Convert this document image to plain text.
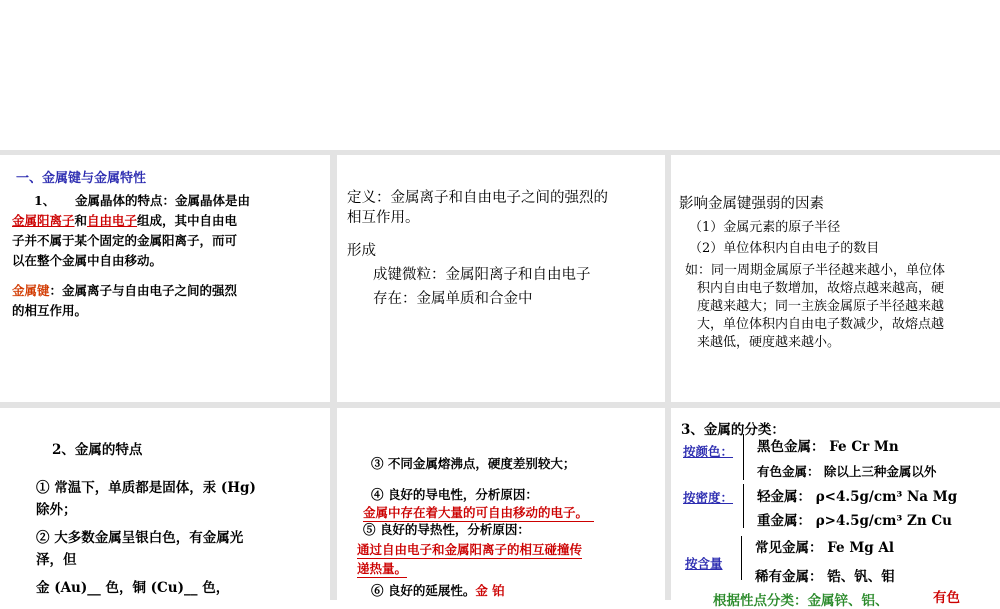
一、金属键与金属特性
1、 金属晶体的特点：金属晶体是由
金属阳离子和自由电子组成，其中自由电
子并不属于某个固定的金属阳离子，而可
以在整个金属中自由移动。
金属键：金属离子与自由电子之间的强烈
的相互作用。
定义：金属离子和自由电子之间的强烈的
相互作用。
形成
成键微粒：金属阳离子和自由电子
存在：金属单质和合金中
影响金属键强弱的因素
（1）金属元素的原子半径
（2）单位体积内自由电子的数目
如：同一周期金属原子半径越来越小，单位体
积内自由电子数增加，故熔点越来越高，硬
度越来越大；同一主族金属原子半径越来越
大，单位体积内自由电子数减少，故熔点越
来越低，硬度越来越小。
2、金属的特点
① 常温下，单质都是固体，汞 (Hg)
除外；
② 大多数金属呈银白色，有金属光
泽，但
金 (Au)__ 色，铜 (Cu)__ 色，
③ 不同金属熔沸点，硬度差别较大；
④ 良好的导电性，分析原因：
金属中存在着大量的可自由移动的电子。
⑤ 良好的导热性，分析原因：
通过自由电子和金属阳离子的相互碰撞传
递热量。
⑥ 良好的延展性。金 铂
3、金属的分类：
按颜色： 黑色金属： Fe Cr Mn
有色金属： 除以上三种金属以外
按密度： 轻金属： ρ<4.5g/cm³ Na Mg
重金属： ρ>4.5g/cm³ Zn Cu
按含量
常见金属： Fe Mg Al
稀有金属： 锆、钒、钼
根据性点分类：金属锌、铝、	有色
